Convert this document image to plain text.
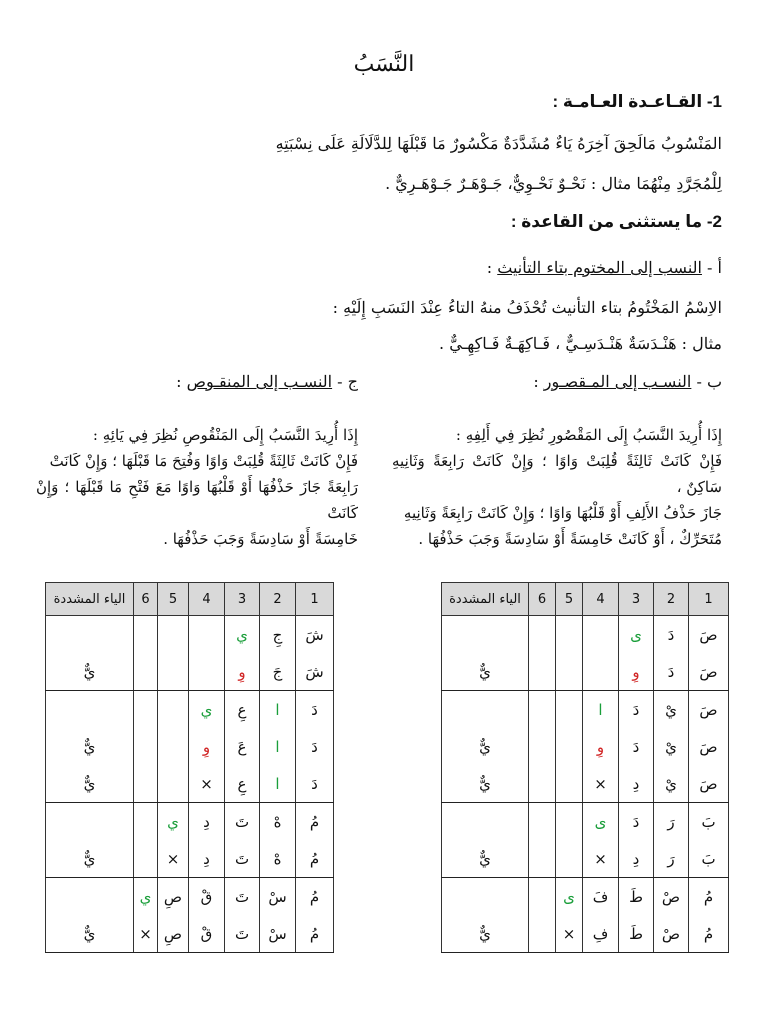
النَّسَبُ
1- القـاعـدة العـامـة :
المَنْسُوبُ مَالَحِقَ آخِرَهُ يَاءٌ مُشَدَّدَةٌ مَكْسُورٌ مَا قَبْلَهَا لِلدَّلَالَةِ عَلَى نِسْبَتِهِ
لِلْمُجَرَّدِ مِنْهُمَا مثال : نَحْـوٌ نَحْـوِيٌّ، جَـوْهَـرٌ جَـوْهَـرِيٌّ .
2- ما يستثنى من القاعدة :
أ - النسب إلى المختوم بتاء التأنيث :
الاِسْمُ المَخْتُومُ بتاء التأنيث تُحْذَفُ منهُ التاءُ عِنْدَ النَسَبِ إِلَيْهِ :
مثال : هَنْـدَسَةٌ هَنْـدَسِـيٌّ ، فَـاكِهَـةٌ فَـاكِهِـيٌّ .
ب - النسـب إلى المـقصـور :
ج - النسـب إلى المنقـوص :
إِذَا أُرِيدَ النَّسَبُ إِلَى المَقْصُورِ نُظِرَ فِي أَلِفِهِ :
فَإِنْ كَانَتْ ثَالِثَةً قُلِبَتْ وَاوًا ؛ وَإِنْ كَانَتْ رَابِعَةً وَثَانِيهِ سَاكِنٌ ،
جَازَ حَذْفُ الأَلِفِ أَوْ قَلْبُهَا وَاوًا ؛ وَإِنْ كَانَتْ رَابِعَةً وَثَانِيهِ
مُتَحَرِّكٌ ، أَوْ كَانَتْ خَامِسَةً أَوْ سَادِسَةً وَجَبَ حَذْفُهَا .
إِذَا أُرِيدَ النَّسَبُ إِلَى المَنْقُوصِ نُظِرَ فِي يَائِهِ :
فَإِنْ كَانَتْ ثَالِثَةً قُلِبَتْ وَاوًا وَفُتِحَ مَا قَبْلَهَا ؛ وَإِنْ كَانَتْ
رَابِعَةً جَازَ حَذْفُهَا أَوْ قَلْبُهَا وَاوًا مَعَ فَتْحِ مَا قَبْلَهَا ؛ وَإِنْ كَانَتْ
خَامِسَةً أَوْ سَادِسَةً وَجَبَ حَذْفُهَا .
1	2	3	4	5	6	الياء المشددة
صَ	دَ	ى				
صَ	دَ	وِ				يٌّ
صَ	يْ	دَ	ا			
صَ	يْ	دَ	وِ			يٌّ
صَ	يْ	دِ	×			يٌّ
بَ	رَ	دَ	ى			
بَ	رَ	دِ	×			يٌّ
مُ	صْ	طَ	فَ	ى		
مُ	صْ	طَ	فِ	×		يٌّ
1	2	3	4	5	6	الياء المشددة
شَ	جِ	ي				
شَ	جَ	وِ				يٌّ
دَ	ا	عِ	ي			
دَ	ا	عَ	وِ			يٌّ
دَ	ا	عِ	×			يٌّ
مُ	هْ	تَ	دِ	ي		
مُ	هْ	تَ	دِ	×		يٌّ
مُ	سْ	تَ	قْ	صِ	ي	
مُ	سْ	تَ	قْ	صِ	×	يٌّ
